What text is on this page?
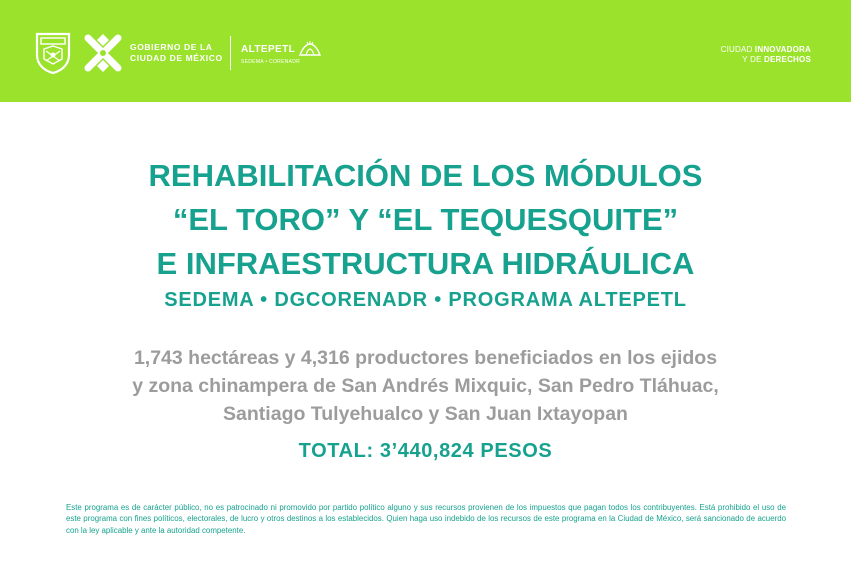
GOBIERNO DE LA
CIUDAD DE MÉXICO
ALTEPETL
SEDEMA • CORENADR
CIUDAD INNOVADORA
Y DE DERECHOS
REHABILITACIÓN DE LOS MÓDULOS
“EL TORO” Y “EL TEQUESQUITE”
E INFRAESTRUCTURA HIDRÁULICA
SEDEMA • DGCORENADR • PROGRAMA ALTEPETL
1,743 hectáreas y 4,316 productores beneficiados en los ejidos
y zona chinampera de San Andrés Mixquic, San Pedro Tláhuac,
Santiago Tulyehualco y San Juan Ixtayopan
TOTAL: 3’440,824 PESOS
Este programa es de carácter público, no es patrocinado ni promovido por partido político alguno y sus recursos provienen de los impuestos que pagan todos los contribuyentes. Está prohibido el uso de este programa con fines políticos, electorales, de lucro y otros destinos a los establecidos. Quien haga uso indebido de los recursos de este programa en la Ciudad de México, será sancionado de acuerdo con la ley aplicable y ante la autoridad competente.
